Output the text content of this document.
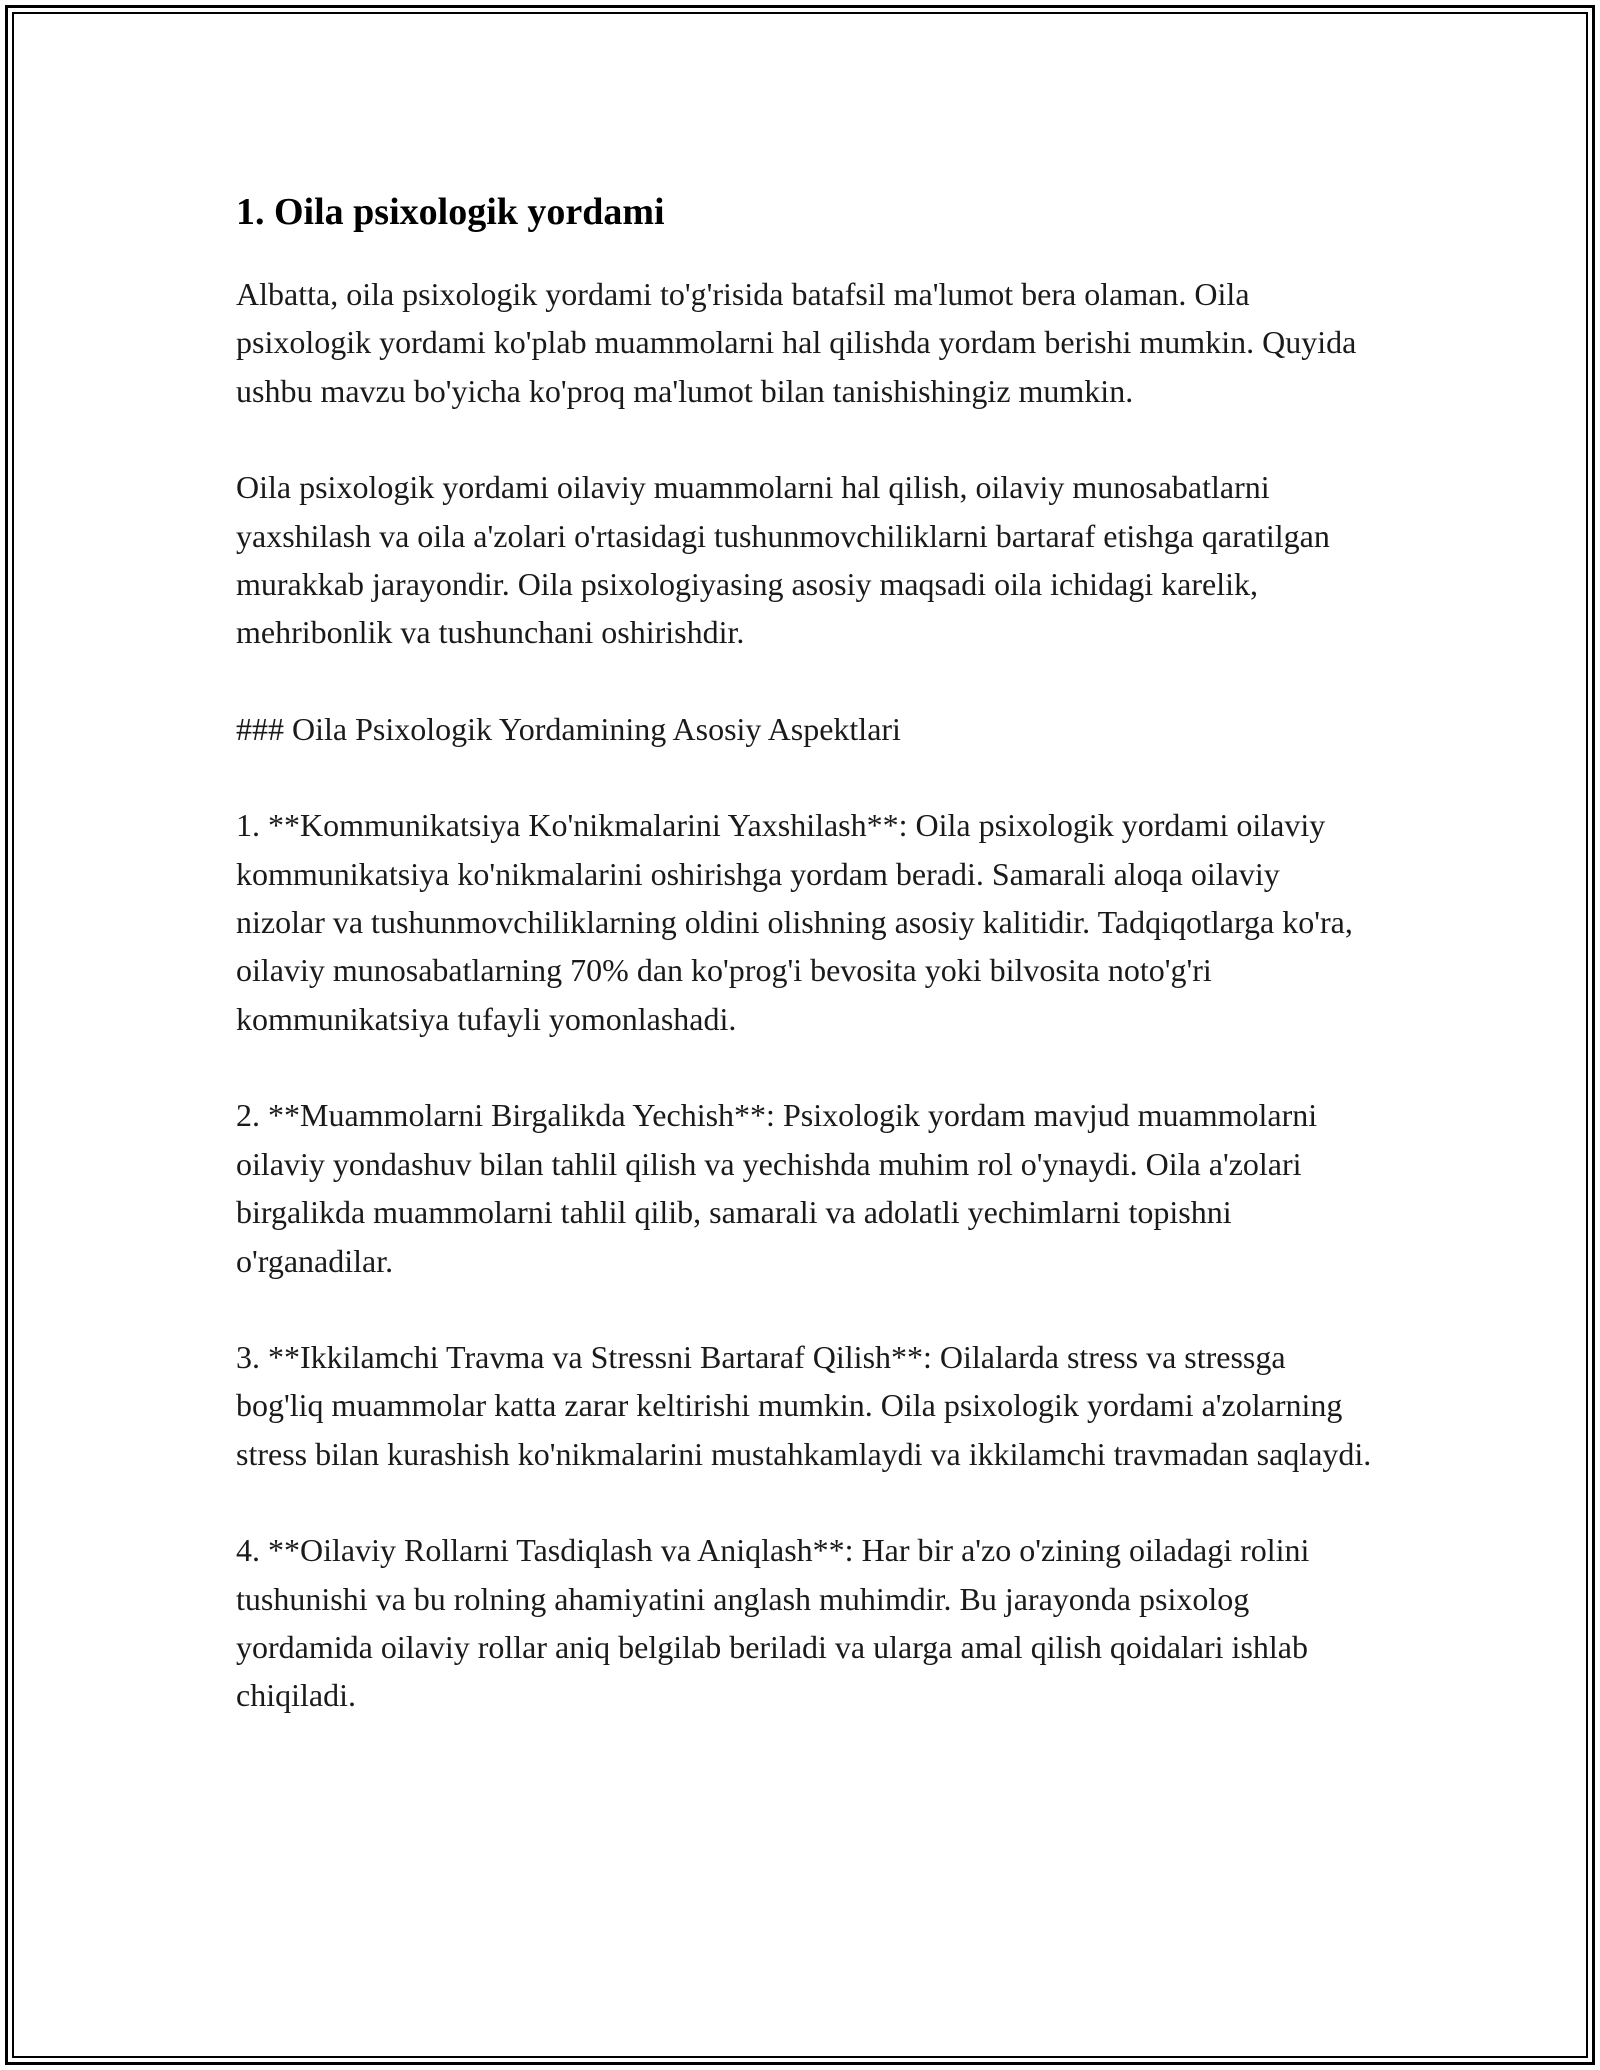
1. Oila psixologik yordami

Albatta, oila psixologik yordami to'g'risida batafsil ma'lumot bera olaman. Oila psixologik yordami ko'plab muammolarni hal qilishda yordam berishi mumkin. Quyida ushbu mavzu bo'yicha ko'proq ma'lumot bilan tanishishingiz mumkin.

Oila psixologik yordami oilaviy muammolarni hal qilish, oilaviy munosabatlarni yaxshilash va oila a'zolari o'rtasidagi tushunmovchiliklarni bartaraf etishga qaratilgan murakkab jarayondir. Oila psixologiyasing asosiy maqsadi oila ichidagi karelik, mehribonlik va tushunchani oshirishdir.

### Oila Psixologik Yordamining Asosiy Aspektlari

1. **Kommunikatsiya Ko'nikmalarini Yaxshilash**: Oila psixologik yordami oilaviy kommunikatsiya ko'nikmalarini oshirishga yordam beradi. Samarali aloqa oilaviy nizolar va tushunmovchiliklarning oldini olishning asosiy kalitidir. Tadqiqotlarga ko'ra, oilaviy munosabatlarning 70% dan ko'prog'i bevosita yoki bilvosita noto'g'ri kommunikatsiya tufayli yomonlashadi.

2. **Muammolarni Birgalikda Yechish**: Psixologik yordam mavjud muammolarni oilaviy yondashuv bilan tahlil qilish va yechishda muhim rol o'ynaydi. Oila a'zolari birgalikda muammolarni tahlil qilib, samarali va adolatli yechimlarni topishni o'rganadilar.

3. **Ikkilamchi Travma va Stressni Bartaraf Qilish**: Oilalarda stress va stressga bog'liq muammolar katta zarar keltirishi mumkin. Oila psixologik yordami a'zolarning stress bilan kurashish ko'nikmalarini mustahkamlaydi va ikkilamchi travmadan saqlaydi.

4. **Oilaviy Rollarni Tasdiqlash va Aniqlash**: Har bir a'zo o'zining oiladagi rolini tushunishi va bu rolning ahamiyatini anglash muhimdir. Bu jarayonda psixolog yordamida oilaviy rollar aniq belgilab beriladi va ularga amal qilish qoidalari ishlab chiqiladi.
